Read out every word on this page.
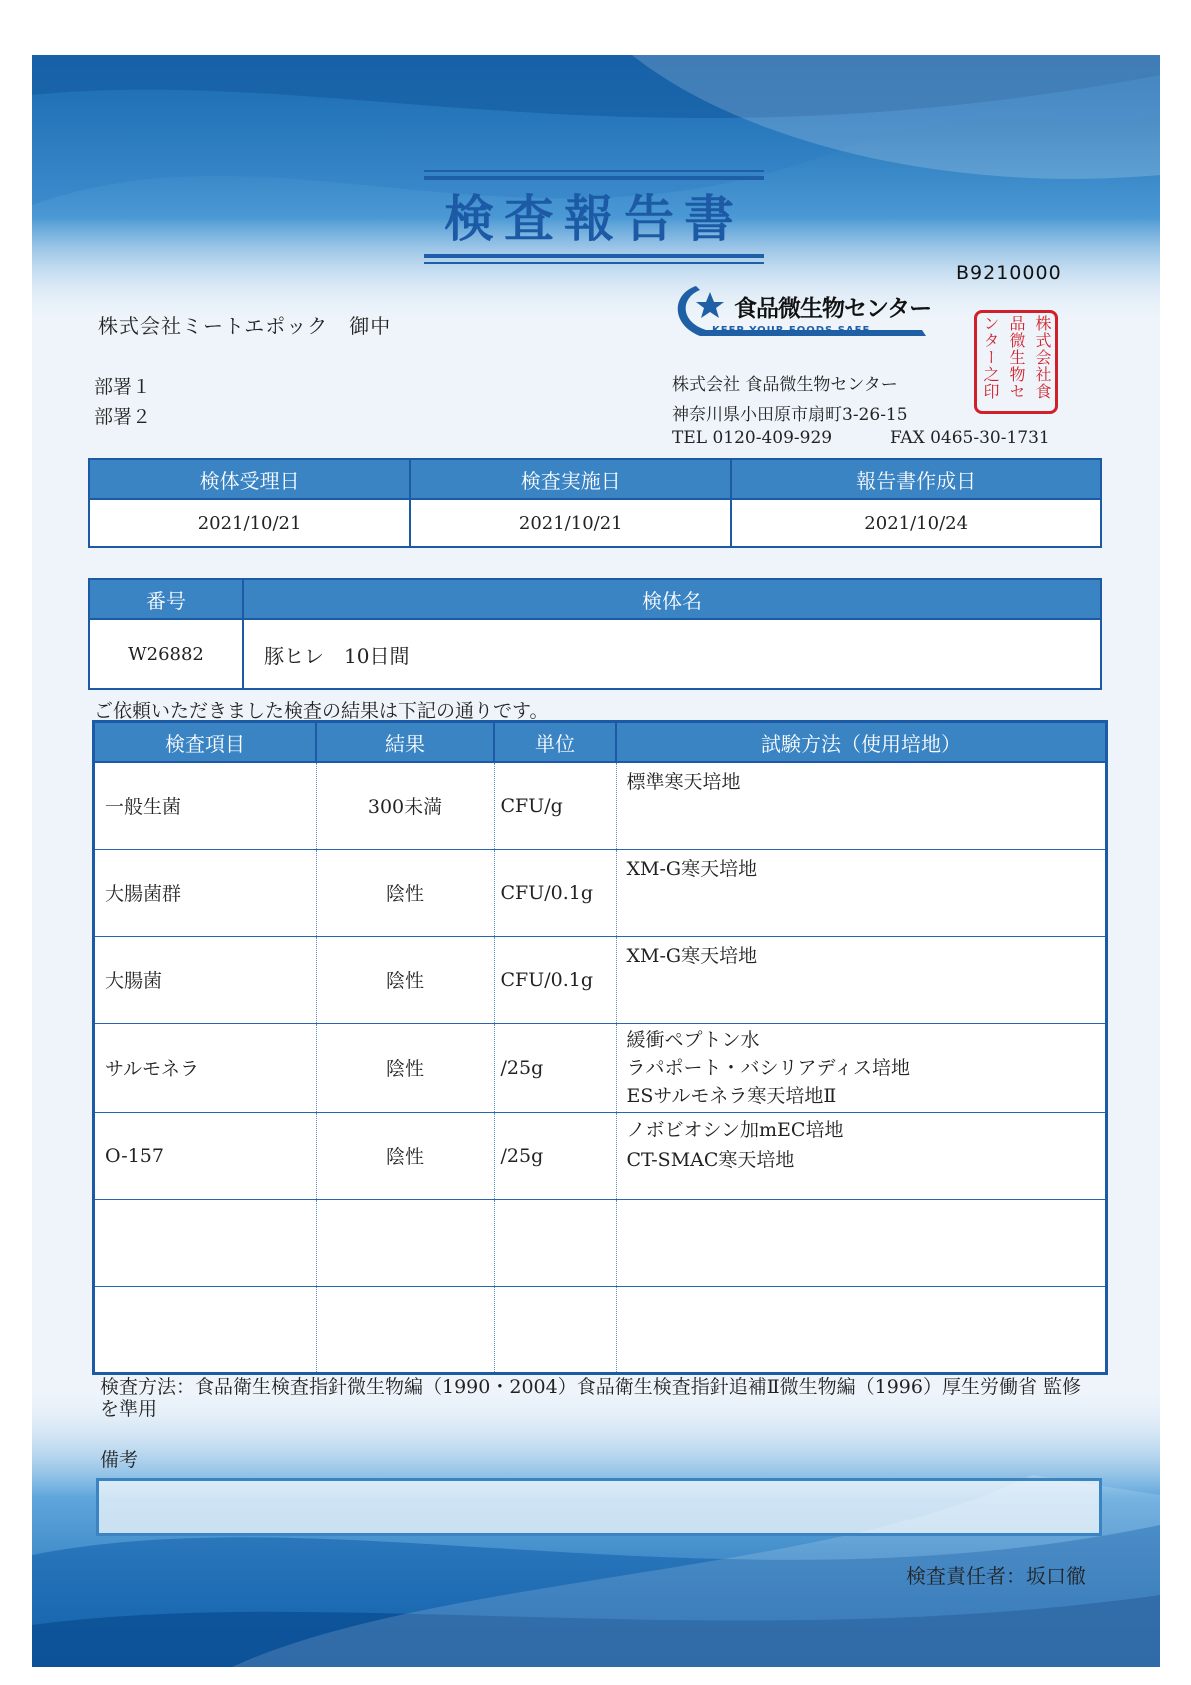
検査報告書
B9210000
株式会社ミートエポック　御中
部署１
部署２
食品微生物センター
KEEP YOUR FOODS SAFE
株式会社 食品微生物センター
神奈川県小田原市扇町3-26-15
TEL 0120-409-929	FAX 0465-30-1731
株式会社食品微生物センター之印
検体受理日	検査実施日	報告書作成日
2021/10/21	2021/10/21	2021/10/24
番号	検体名
W26882	豚ヒレ　10日間
ご依頼いただきました検査の結果は下記の通りです。
検査項目	結果	単位	試験方法（使用培地）
一般生菌	300未満	CFU/g	標準寒天培地

大腸菌群	陰性	CFU/0.1g	XM-G寒天培地

大腸菌	陰性	CFU/0.1g	XM-G寒天培地

サルモネラ	陰性	/25g	緩衝ペプトン水
ラパポート・バシリアディス培地
ESサルモネラ寒天培地Ⅱ

O-157	陰性	/25g	ノボビオシン加mEC培地
CT-SMAC寒天培地

検査方法：食品衛生検査指針微生物編（1990・2004）食品衛生検査指針追補Ⅱ微生物編（1996）厚生労働省 監修を準用
備考
検査責任者：坂口徹
